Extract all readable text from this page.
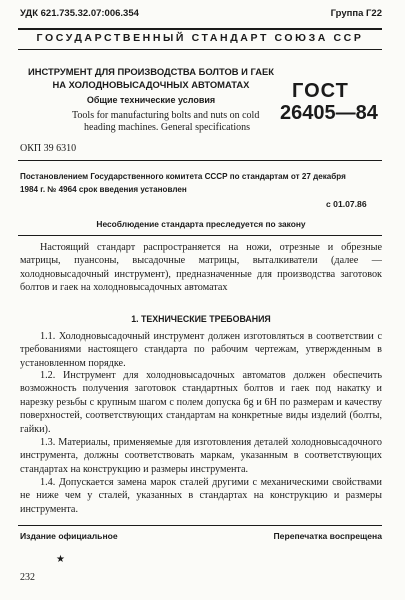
УДК 621.735.32.07:006.354	Группа Г22
ГОСУДАРСТВЕННЫЙ СТАНДАРТ СОЮЗА ССР
ИНСТРУМЕНТ ДЛЯ ПРОИЗВОДСТВА БОЛТОВ И ГАЕК
НА ХОЛОДНОВЫСАДОЧНЫХ АВТОМАТАХ
Общие технические условия
Tools for manufacturing bolts and nuts on cold
heading machines. General specifications
ГОСТ
26405—84
ОКП 39 6310
Постановлением Государственного комитета СССР по стандартам от 27 декабря
1984 г. № 4964 срок введения установлен
с 01.07.86
Несоблюдение стандарта преследуется по закону
Настоящий стандарт распространяется на ножи, отрезные и обрезные матрицы, пуансоны, высадочные матрицы, выталкиватели (далее — холодновысадочный инструмент), предназначенные для производства заготовок болтов и гаек на холодновысадочных автоматах
1. ТЕХНИЧЕСКИЕ ТРЕБОВАНИЯ
1.1. Холодновысадочный инструмент должен изготовляться в соответствии с требованиями настоящего стандарта по рабочим чертежам, утвержденным в установленном порядке.
1.2. Инструмент для холодновысадочных автоматов должен обеспечить возможность получения заготовок стандартных болтов и гаек под накатку и нарезку резьбы с крупным шагом с полем допуска 6g и 6H по размерам и качеству поверхностей, соответствующих стандартам на конкретные виды изделий (болты, гайки).
1.3. Материалы, применяемые для изготовления деталей холодновысадочного инструмента, должны соответствовать маркам, указанным в соответствующих стандартах на конструкцию и размеры инструмента.
1.4. Допускается замена марок сталей другими с механическими свойствами не ниже чем у сталей, указанных в стандартах на конструкцию и размеры инструмента.
Издание официальное	Перепечатка воспрещена
★
232
